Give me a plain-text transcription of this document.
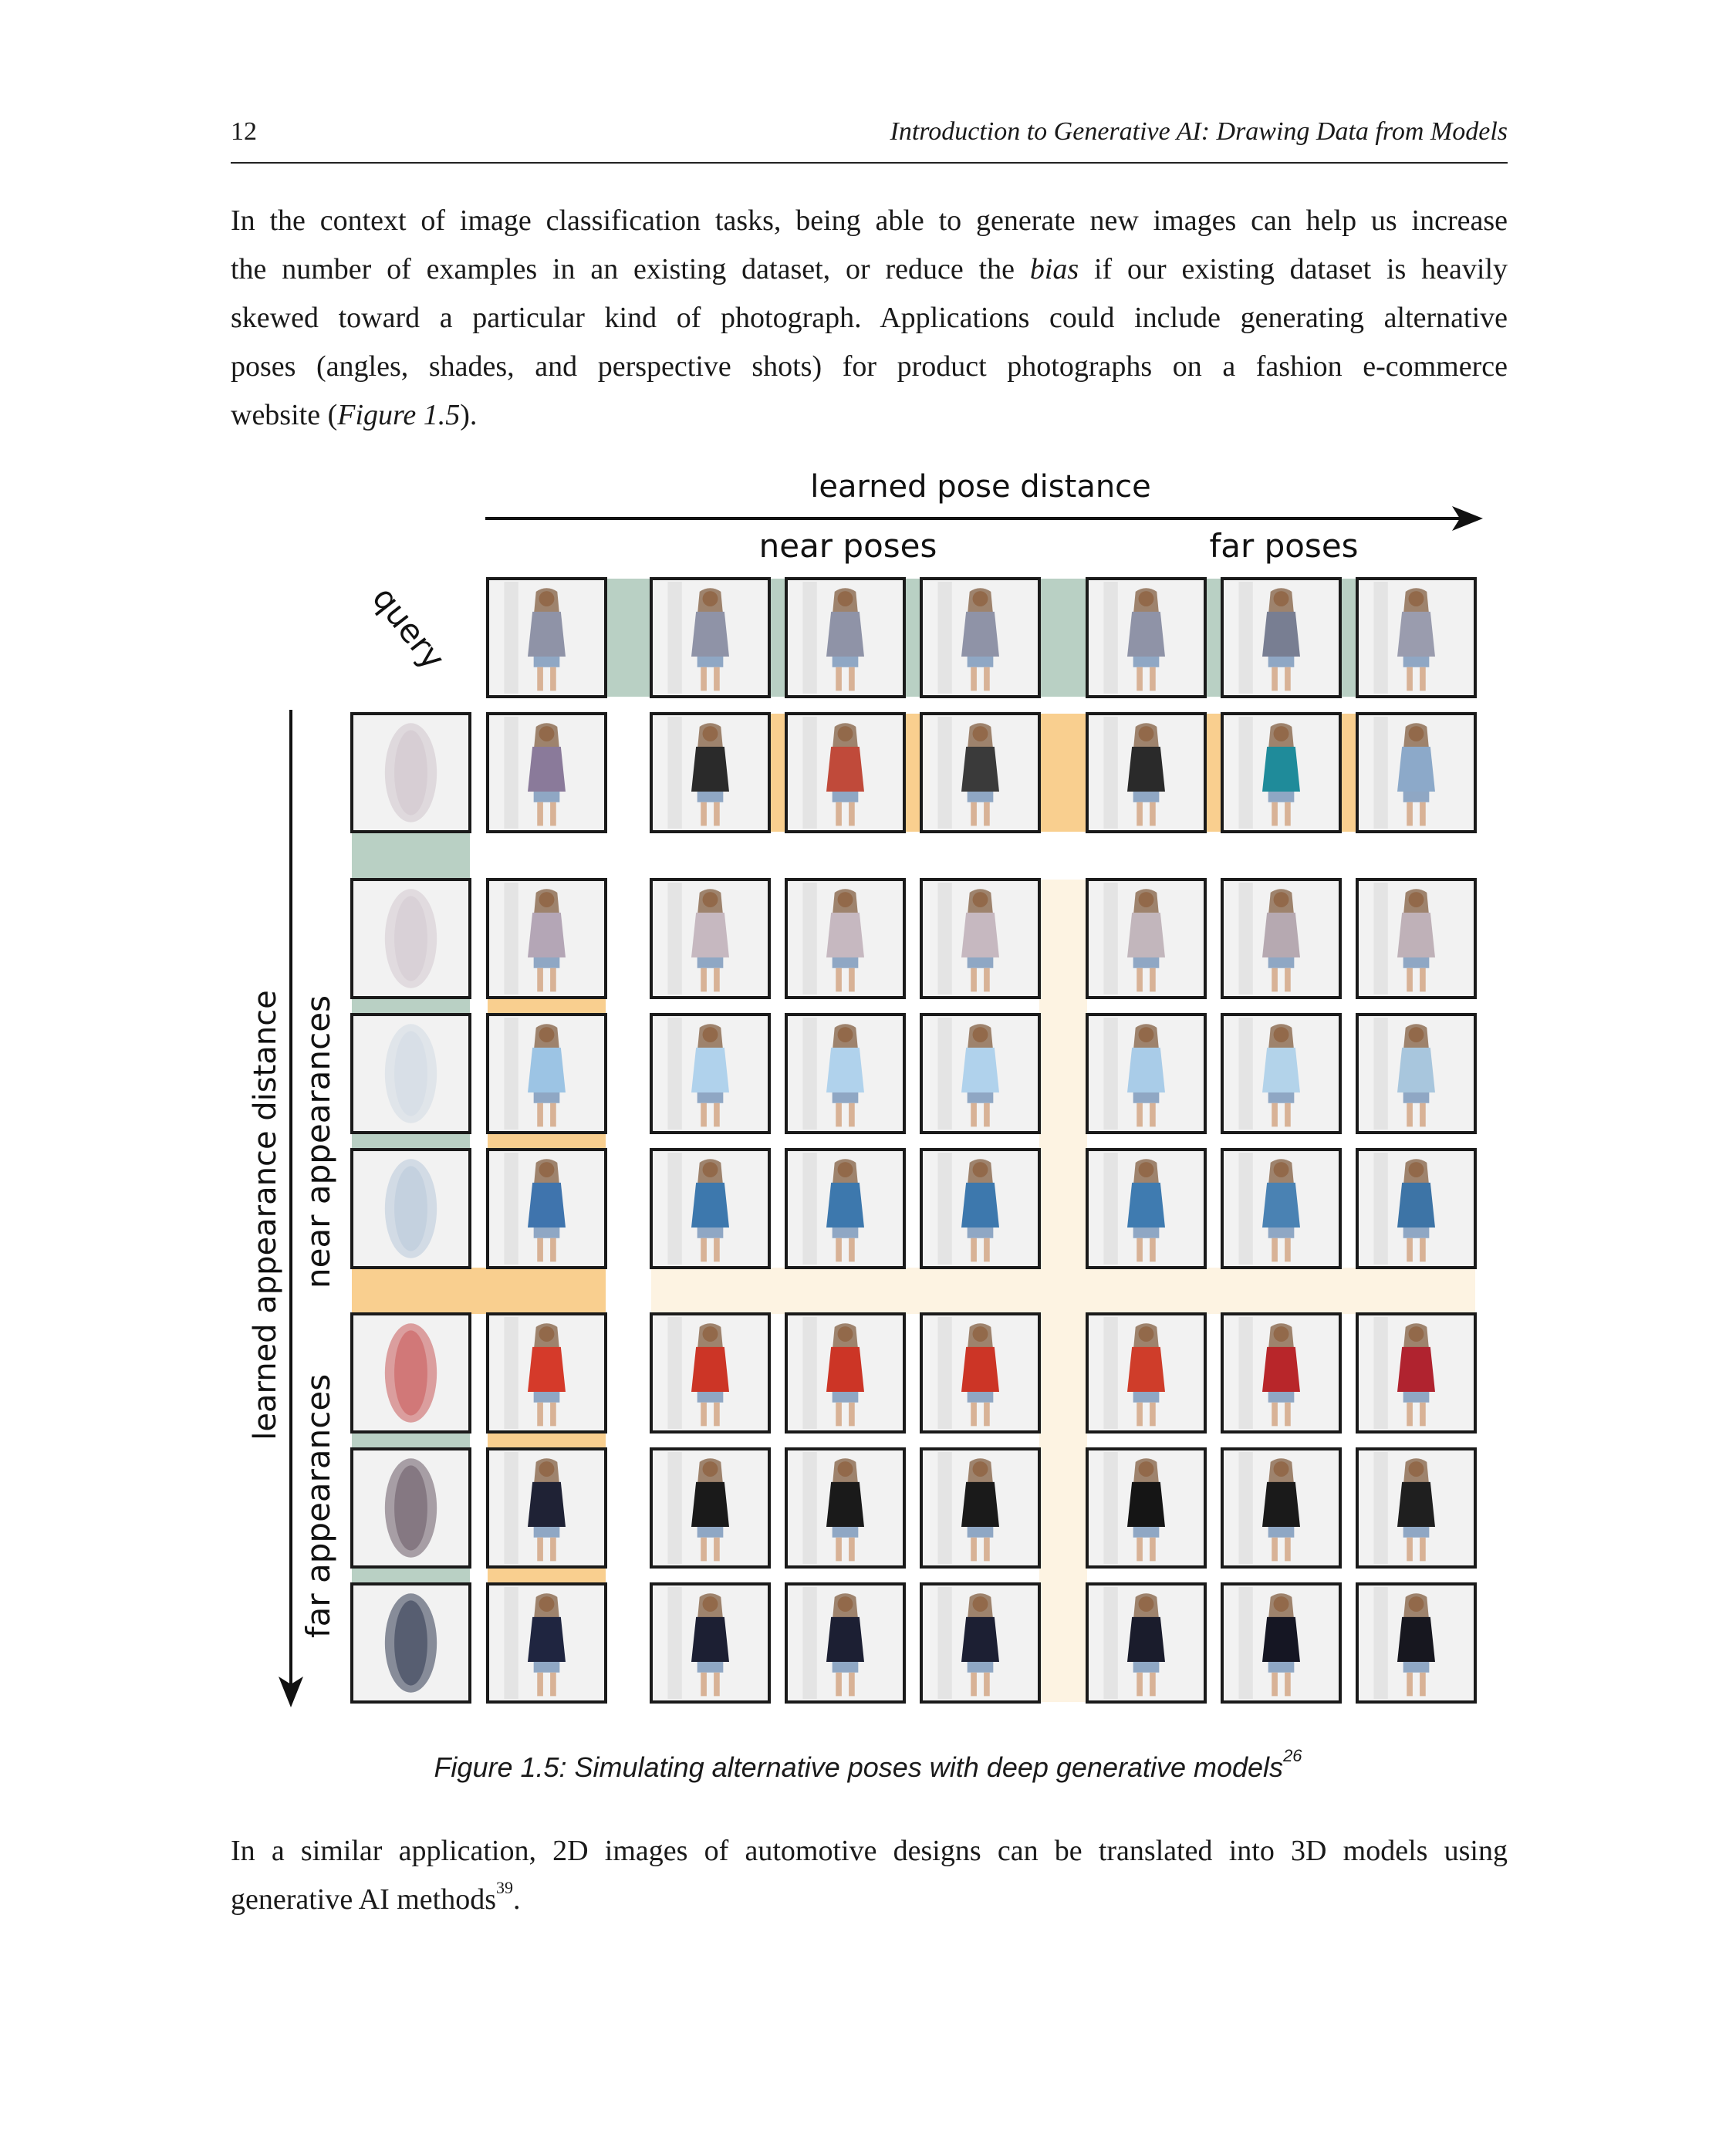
12	Introduction to Generative AI: Drawing Data from Models

In the context of image classification tasks, being able to generate new images can help us increase
the number of examples in an existing dataset, or reduce the bias if our existing dataset is heavily
skewed toward a particular kind of photograph. Applications could include generating alternative
poses (angles, shades, and perspective shots) for product photographs on a fashion e-commerce
website (Figure 1.5).

learned pose distance
near poses	far poses
query
learned appearance distance near appearances
far appearances
Figure 1.5: Simulating alternative poses with deep generative models$^{26}$

In a similar application, 2D images of automotive designs can be translated into 3D models using
generative AI methods$^{39}$.
